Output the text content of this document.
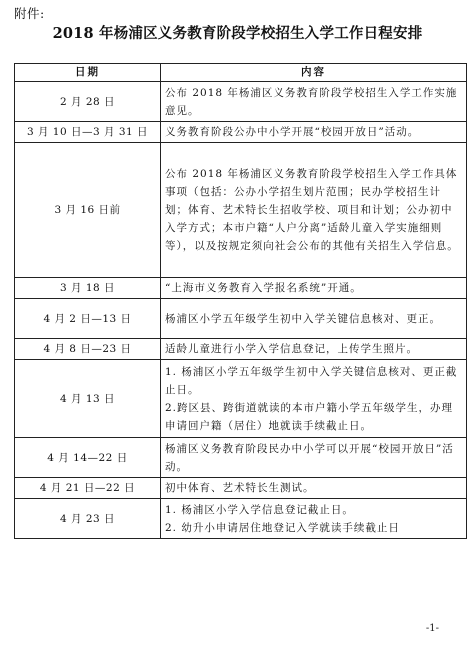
附件:
2018 年杨浦区义务教育阶段学校招生入学工作日程安排
日期	内容
2 月 28 日	公布 2018 年杨浦区义务教育阶段学校招生入学工作实施意见。

3 月 10 日—3 月 31 日	义务教育阶段公办中小学开展“校园开放日”活动。

3 月 16 日前	公布 2018 年杨浦区义务教育阶段学校招生入学工作具体事项（包括：公办小学招生划片范围；民办学校招生计划；体育、艺术特长生招收学校、项目和计划；公办初中入学方式；本市户籍“人户分离”适龄儿童入学实施细则等），以及按规定须向社会公布的其他有关招生入学信息。

3 月 18 日	“上海市义务教育入学报名系统”开通。

4 月 2 日—13 日	杨浦区小学五年级学生初中入学关键信息核对、更正。

4 月 8 日—23 日	适龄儿童进行小学入学信息登记，上传学生照片。

4 月 13 日	1. 杨浦区小学五年级学生初中入学关键信息核对、更正截止日。
2.跨区县、跨街道就读的本市户籍小学五年级学生，办理申请回户籍（居住）地就读手续截止日。

4 月 14—22 日	杨浦区义务教育阶段民办中小学可以开展“校园开放日”活动。

4 月 21 日—22 日	初中体育、艺术特长生测试。

4 月 23 日	1. 杨浦区小学入学信息登记截止日。
2. 幼升小申请居住地登记入学就读手续截止日
-1-
